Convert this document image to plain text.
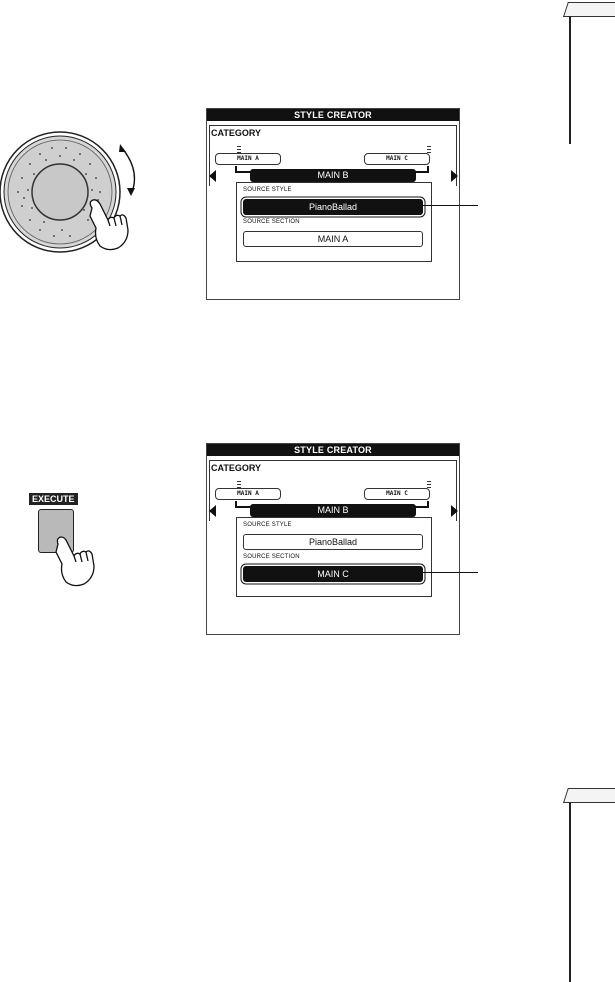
STYLE CREATOR
CATEGORY
MAIN A	MAIN C
MAIN B
SOURCE STYLE
PianoBallad
SOURCE SECTION
MAIN A
EXECUTE
STYLE CREATOR
CATEGORY
MAIN A	MAIN C
MAIN B
SOURCE STYLE
PianoBallad
SOURCE SECTION
MAIN C
